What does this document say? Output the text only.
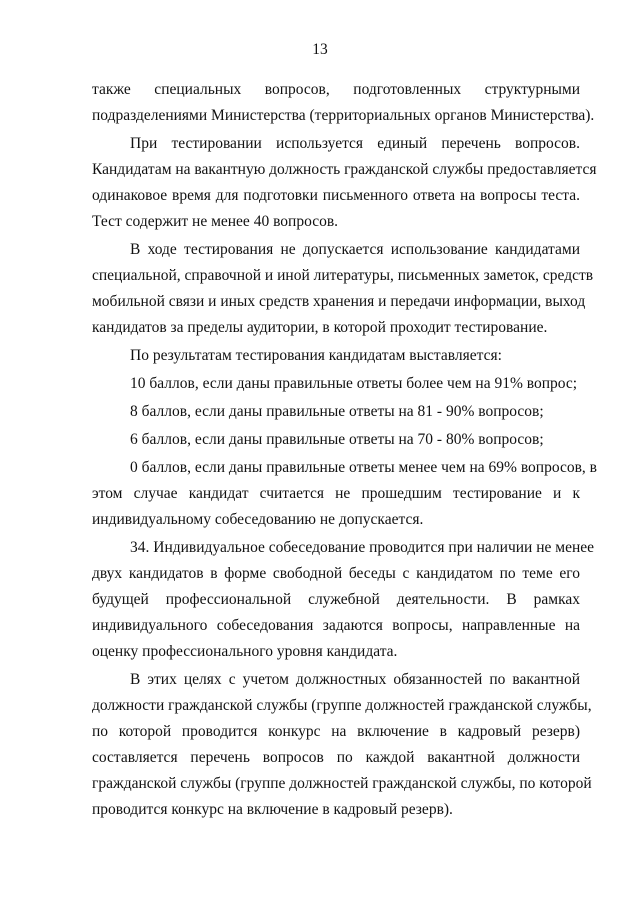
13
также специальных вопросов, подготовленных структурными
подразделениями Министерства (территориальных органов Министерства).
При тестировании используется единый перечень вопросов.
Кандидатам на вакантную должность гражданской службы предоставляется
одинаковое время для подготовки письменного ответа на вопросы теста.
Тест содержит не менее 40 вопросов.
В ходе тестирования не допускается использование кандидатами
специальной, справочной и иной литературы, письменных заметок, средств
мобильной связи и иных средств хранения и передачи информации, выход
кандидатов за пределы аудитории, в которой проходит тестирование.
По результатам тестирования кандидатам выставляется:
10 баллов, если даны правильные ответы более чем на 91% вопрос;
8 баллов, если даны правильные ответы на 81 - 90% вопросов;
6 баллов, если даны правильные ответы на 70 - 80% вопросов;
0 баллов, если даны правильные ответы менее чем на 69% вопросов, в
этом случае кандидат считается не прошедшим тестирование и к
индивидуальному собеседованию не допускается.
34. Индивидуальное собеседование проводится при наличии не менее
двух кандидатов в форме свободной беседы с кандидатом по теме его
будущей профессиональной служебной деятельности. В рамках
индивидуального собеседования задаются вопросы, направленные на
оценку профессионального уровня кандидата.
В этих целях с учетом должностных обязанностей по вакантной
должности гражданской службы (группе должностей гражданской службы,
по которой проводится конкурс на включение в кадровый резерв)
составляется перечень вопросов по каждой вакантной должности
гражданской службы (группе должностей гражданской службы, по которой
проводится конкурс на включение в кадровый резерв).
